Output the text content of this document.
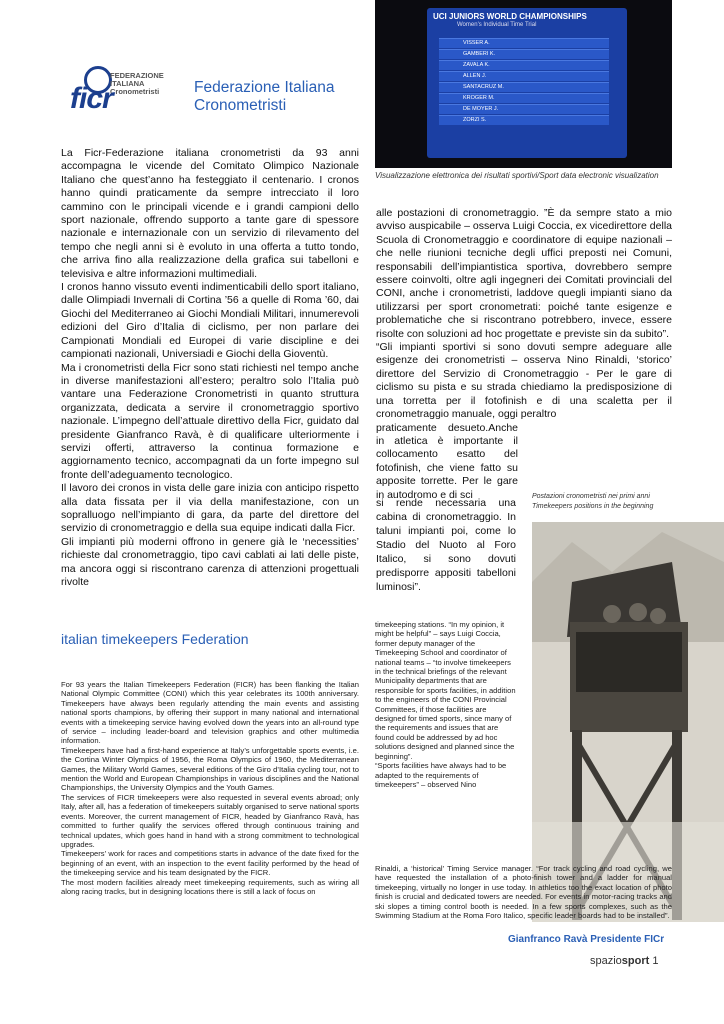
FEDERAZIONE ITALIANA Cronometristi
ficr	Federazione Italiana Cronometristi

La Ficr-Federazione italiana cronometristi da 93 anni accompagna le vicende del Comitato Olimpico Nazionale Italiano che quest’anno ha festeggiato il centenario. I cronos hanno quindi praticamente da sempre intrecciato il loro cammino con le principali vicende e i grandi campioni dello sport nazionale, offrendo supporto a tante gare di spessore nazionale e internazionale con un servizio di rilevamento del tempo che negli anni si è evoluto in una offerta a tutto tondo, che arriva fino alla realizzazione della grafica sui tabelloni e televisiva e altre informazioni multimediali.

I cronos hanno vissuto eventi indimenticabili dello sport italiano, dalle Olimpiadi Invernali di Cortina ’56 a quelle di Roma ’60, dai Giochi del Mediterraneo ai Giochi Mondiali Militari, innumerevoli edizioni del Giro d’Italia di ciclismo, per non parlare dei Campionati Mondiali ed Europei di varie discipline e dei campionati nazionali, Universiadi e Giochi della Gioventù.

Ma i cronometristi della Ficr sono stati richiesti nel tempo anche in diverse manifestazioni all’estero; peraltro solo l’Italia può vantare una Federazione Cronometristi in quanto struttura organizzata, dedicata a servire il cronometraggio sportivo nazionale. L’impegno dell’attuale direttivo della Ficr, guidato dal presidente Gianfranco Ravà, è di qualificare ulteriormente i servizi offerti, attraverso la continua formazione e aggiornamento tecnico, accompagnati da un forte impegno sul fronte dell’adeguamento tecnologico.

Il lavoro dei cronos in vista delle gare inizia con anticipo rispetto alla data fissata per il via della manifestazione, con un sopralluogo nell’impianto di gara, da parte del direttore del servizio di cronometraggio e della sua equipe indicati dalla Ficr.

Gli impianti più moderni offrono in genere già le ‘necessities’ richieste dal cronometraggio, tipo cavi cablati ai lati delle piste, ma ancora oggi si riscontrano carenza di attenzioni progettuali rivolte

UCI JUNIORS WORLD CHAMPIONSHIPS
Women's Individual Time Trial
VISSER A.
GAMBERI K.
ZAVALA K.
ALLEN J.
SANTACRUZ M.
KROGER M.
DE MOYER J.
ZORZI S.
Visualizzazione elettronica dei risultati sportivi/Sport data electronic visualization

alle postazioni di cronometraggio. ”È da sempre stato a mio avviso auspicabile – osserva Luigi Coccia, ex vicedirettore della Scuola di Cronometraggio e coordinatore di equipe nazionali – che nelle riunioni tecniche degli uffici preposti nei Comuni, responsabili dell’impiantistica sportiva, dovrebbero sempre essere coinvolti, oltre agli ingegneri dei Comitati provinciali del CONI, anche i cronometristi, laddove quegli impianti siano da utilizzarsi per sport cronometrati: poiché tante esigenze e problematiche che si riscontrano potrebbero, invece, essere risolte con soluzioni ad hoc progettate e previste sin da subito”.

“Gli impianti sportivi si sono dovuti sempre adeguare alle esigenze dei cronometristi – osserva Nino Rinaldi, ‘storico’ direttore del Servizio di Cronometraggio - Per le gare di ciclismo su pista e su strada chiediamo la predisposizione di una torretta per il fotofinish e di una scaletta per il cronometraggio manuale, oggi peraltro

praticamente desueto.Anche in atletica è importante il collocamento esatto del fotofinish, che viene fatto su apposite torrette. Per le gare in autodromo e di sci

si rende necessaria una cabina di cronometraggio. In taluni impianti poi, come lo Stadio del Nuoto al Foro Italico, si sono dovuti predisporre appositi tabelloni luminosi”.

Postazioni cronometristi nei primi anni Timekeepers positions in the beginning
italian timekeepers Federation

For 93 years the Italian Timekeepers Federation (FICR) has been flanking the Italian National Olympic Committee (CONI) which this year celebrates its 100th anniversary. Timekeepers have always been regularly attending the main events and assisting national sports champions, by offering their support in many national and international events with a timekeeping service having evolved down the years into an all-round type of service – including leader-board and television graphics and other multimedia information.

Timekeepers have had a first-hand experience at Italy’s unforgettable sports events, i.e. the Cortina Winter Olympics of 1956, the Roma Olympics of 1960, the Mediterranean Games, the Military World Games, several editions of the Giro d’Italia cycling tour, not to mention the World and European Championships in various disciplines and the National Championships, the University Olympics and the Youth Games.

The services of FICR timekeepers were also requested in several events abroad; only Italy, after all, has a federation of timekeepers suitably organised to serve national sports events. Moreover, the current management of FICR, headed by Gianfranco Ravà, has committed to further qualify the services offered through continuous training and technical updates, which goes hand in hand with a strong commitment to technological upgrades.

Timekeepers’ work for races and competitions starts in advance of the date fixed for the beginning of an event, with an inspection to the event facility performed by the head of the timekeeping service and his team designated by the FICR.

The most modern facilities already meet timekeeping requirements, such as wiring all along racing tracks, but in designing locations there is still a lack of focus on

timekeeping stations. “In my opinion, it might be helpful” – says Luigi Coccia, former deputy manager of the Timekeeping School and coordinator of national teams – “to involve timekeepers in the technical briefings of the relevant Municipality departments that are responsible for sports facilities, in addition to the engineers of the CONI Provincial Committees, if those facilities are designed for timed sports, since many of the requirements and issues that are found could be addressed by ad hoc solutions designed and planned since the beginning”.

“Sports facilities have always had to be adapted to the requirements of timekeepers” – observed Nino

Rinaldi, a ‘historical’ Timing Service manager. “For track cycling and road cycling, we have requested the installation of a photo-finish tower and a ladder for manual timekeeping, virtually no longer in use today. In athletics too the exact location of photo finish is crucial and dedicated towers are needed. For events in motor-racing tracks and ski slopes a timing control booth is needed. In a few sports complexes, such as the Swimming Stadium at the Roma Foro Italico, specific leader boards had to be installed”.

Gianfranco Ravà Presidente FICr
spaziosport 1
